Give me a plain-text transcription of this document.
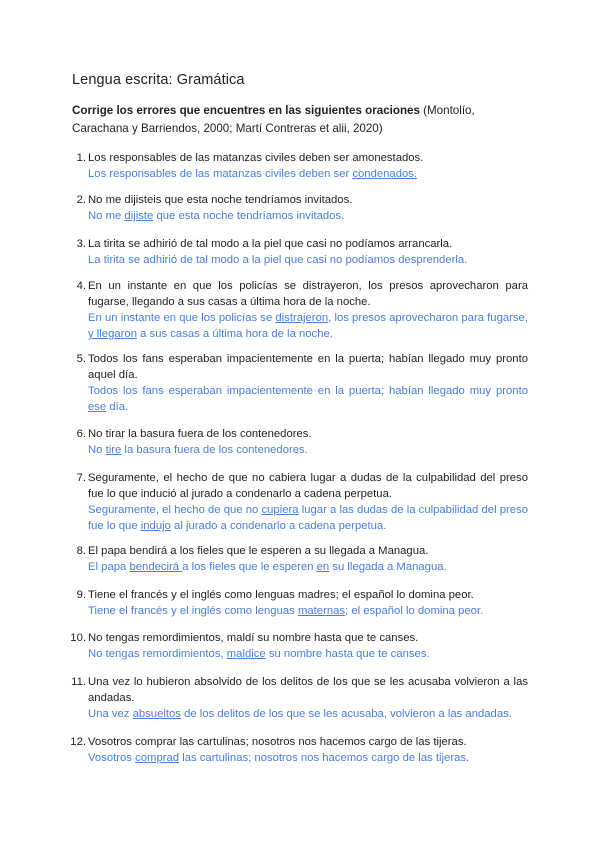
Lengua escrita: Gramática

Corrige los errores que encuentres en las siguientes oraciones (Montolío, Carachana y Barriendos, 2000; Martí Contreras et alii, 2020)

1. Los responsables de las matanzas civiles deben ser amonestados.

Los responsables de las matanzas civiles deben ser condenados.

2. No me dijisteis que esta noche tendríamos invitados.

No me dijiste que esta noche tendríamos invitados.

3. La tirita se adhirió de tal modo a la piel que casi no podíamos arrancarla.

La tirita se adhirió de tal modo a la piel que casi no podíamos desprenderla.

4. En un instante en que los policías se distrayeron, los presos aprovecharon para fugarse, llegando a sus casas a última hora de la noche.

En un instante en que los policías se distrajeron, los presos aprovecharon para fugarse, y llegaron a sus casas a última hora de la noche.

5. Todos los fans esperaban impacientemente en la puerta; habían llegado muy pronto aquel día.

Todos los fans esperaban impacientemente en la puerta; habían llegado muy pronto ese día.

6. No tirar la basura fuera de los contenedores.

No tire la basura fuera de los contenedores.

7. Seguramente, el hecho de que no cabiera lugar a dudas de la culpabilidad del preso fue lo que indució al jurado a condenarlo a cadena perpetua.

Seguramente, el hecho de que no cupiera lugar a las dudas de la culpabilidad del preso fue lo que indujo al jurado a condenarlo a cadena perpetua.

8. El papa bendirá a los fieles que le esperen a su llegada a Managua.

El papa bendecirá a los fieles que le esperen en su llegada a Managua.

9. Tiene el francés y el inglés como lenguas madres; el español lo domina peor.

Tiene el francés y el inglés como lenguas maternas; el español lo domina peor.

10. No tengas remordimientos, maldí su nombre hasta que te canses.

No tengas remordimientos, maldice su nombre hasta que te canses.

11. Una vez lo hubieron absolvido de los delitos de los que se les acusaba volvieron a las andadas.

Una vez absueltos de los delitos de los que se les acusaba, volvieron a las andadas.

12. Vosotros comprar las cartulinas; nosotros nos hacemos cargo de las tijeras.

Vosotros comprad las cartulinas; nosotros nos hacemos cargo de las tijeras.
